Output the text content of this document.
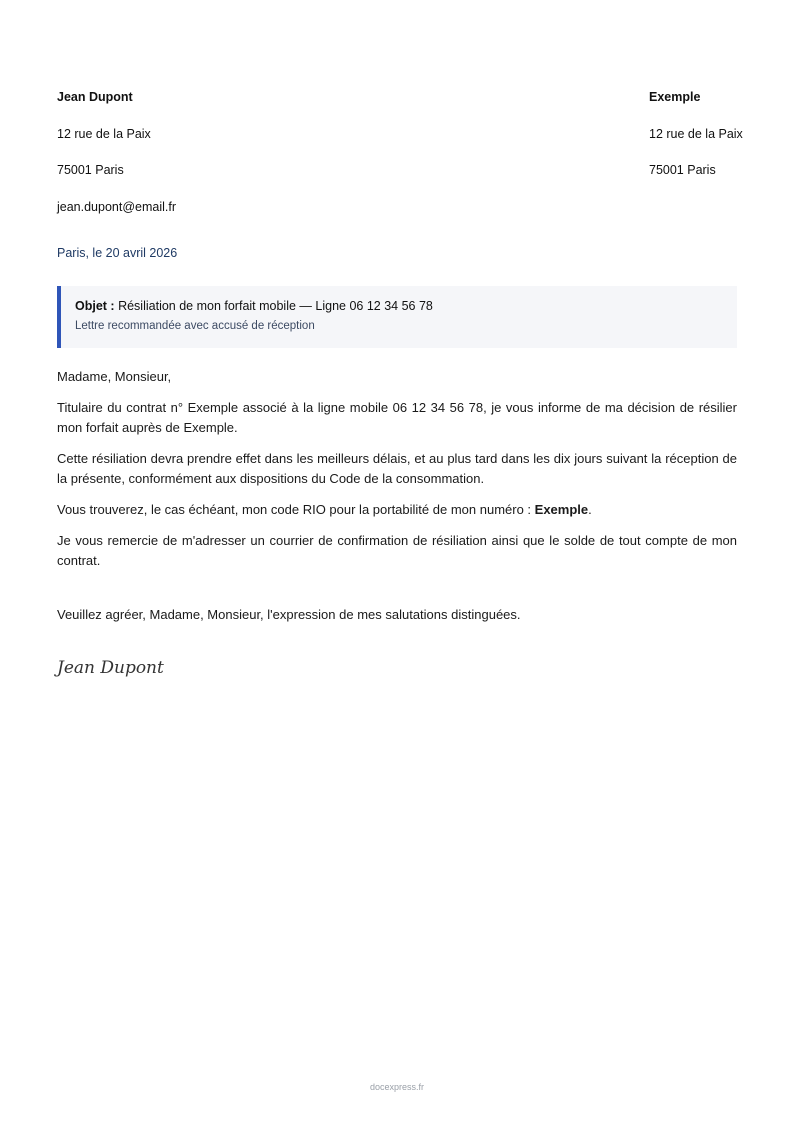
Jean Dupont
12 rue de la Paix
75001 Paris
jean.dupont@email.fr
Exemple
12 rue de la Paix
75001 Paris
Paris, le 20 avril 2026
Objet : Résiliation de mon forfait mobile — Ligne 06 12 34 56 78
Lettre recommandée avec accusé de réception

Madame, Monsieur,

Titulaire du contrat n° Exemple associé à la ligne mobile 06 12 34 56 78, je vous informe de ma décision de résilier mon forfait auprès de Exemple.

Cette résiliation devra prendre effet dans les meilleurs délais, et au plus tard dans les dix jours suivant la réception de la présente, conformément aux dispositions du Code de la consommation.

Vous trouverez, le cas échéant, mon code RIO pour la portabilité de mon numéro : Exemple.

Je vous remercie de m'adresser un courrier de confirmation de résiliation ainsi que le solde de tout compte de mon contrat.

Veuillez agréer, Madame, Monsieur, l'expression de mes salutations distinguées.
Jean Dupont
docexpress.fr
